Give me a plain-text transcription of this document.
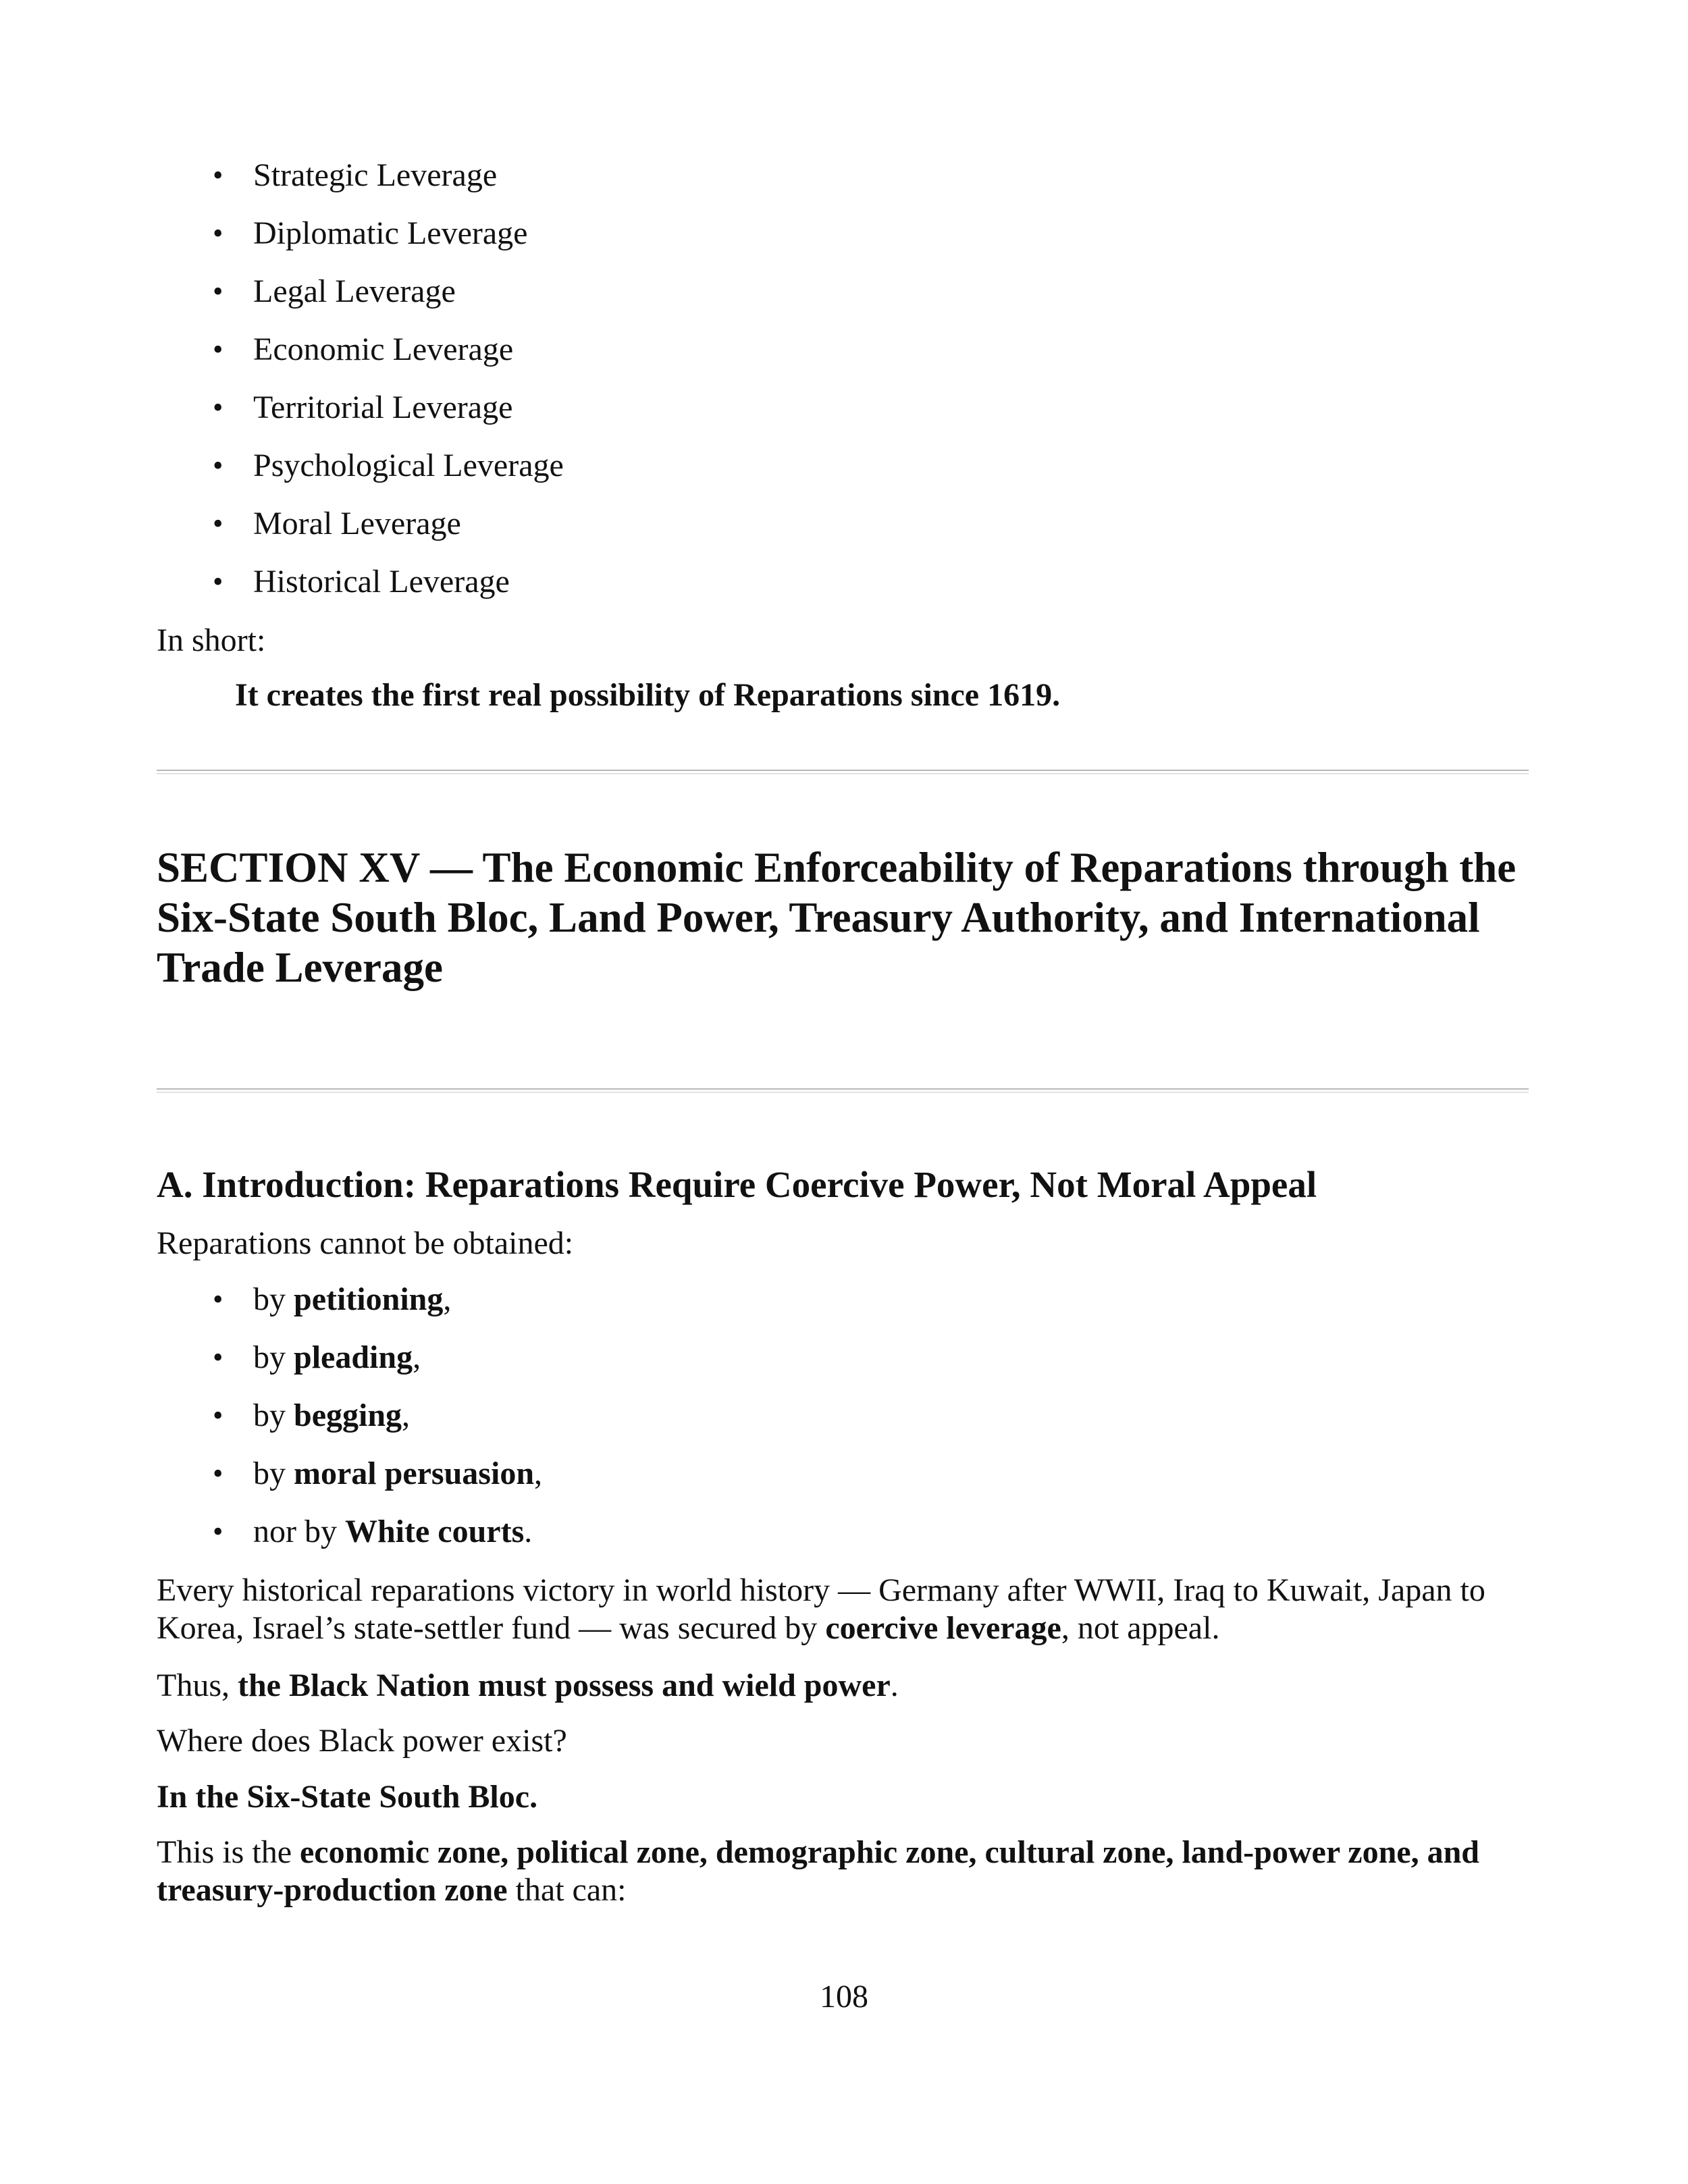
• Strategic Leverage
• Diplomatic Leverage
• Legal Leverage
• Economic Leverage
• Territorial Leverage
• Psychological Leverage
• Moral Leverage
• Historical Leverage
In short:
It creates the first real possibility of Reparations since 1619.
SECTION XV — The Economic Enforceability of Reparations through the Six-State South Bloc, Land Power, Treasury Authority, and International Trade Leverage
A. Introduction: Reparations Require Coercive Power, Not Moral Appeal
Reparations cannot be obtained:
• by petitioning,
• by pleading,
• by begging,
• by moral persuasion,
• nor by White courts.
Every historical reparations victory in world history — Germany after WWII, Iraq to Kuwait, Japan to
Korea, Israel’s state-settler fund — was secured by coercive leverage, not appeal.
Thus, the Black Nation must possess and wield power.
Where does Black power exist?
In the Six-State South Bloc.
This is the economic zone, political zone, demographic zone, cultural zone, land-power zone, and
treasury-production zone that can:
108
